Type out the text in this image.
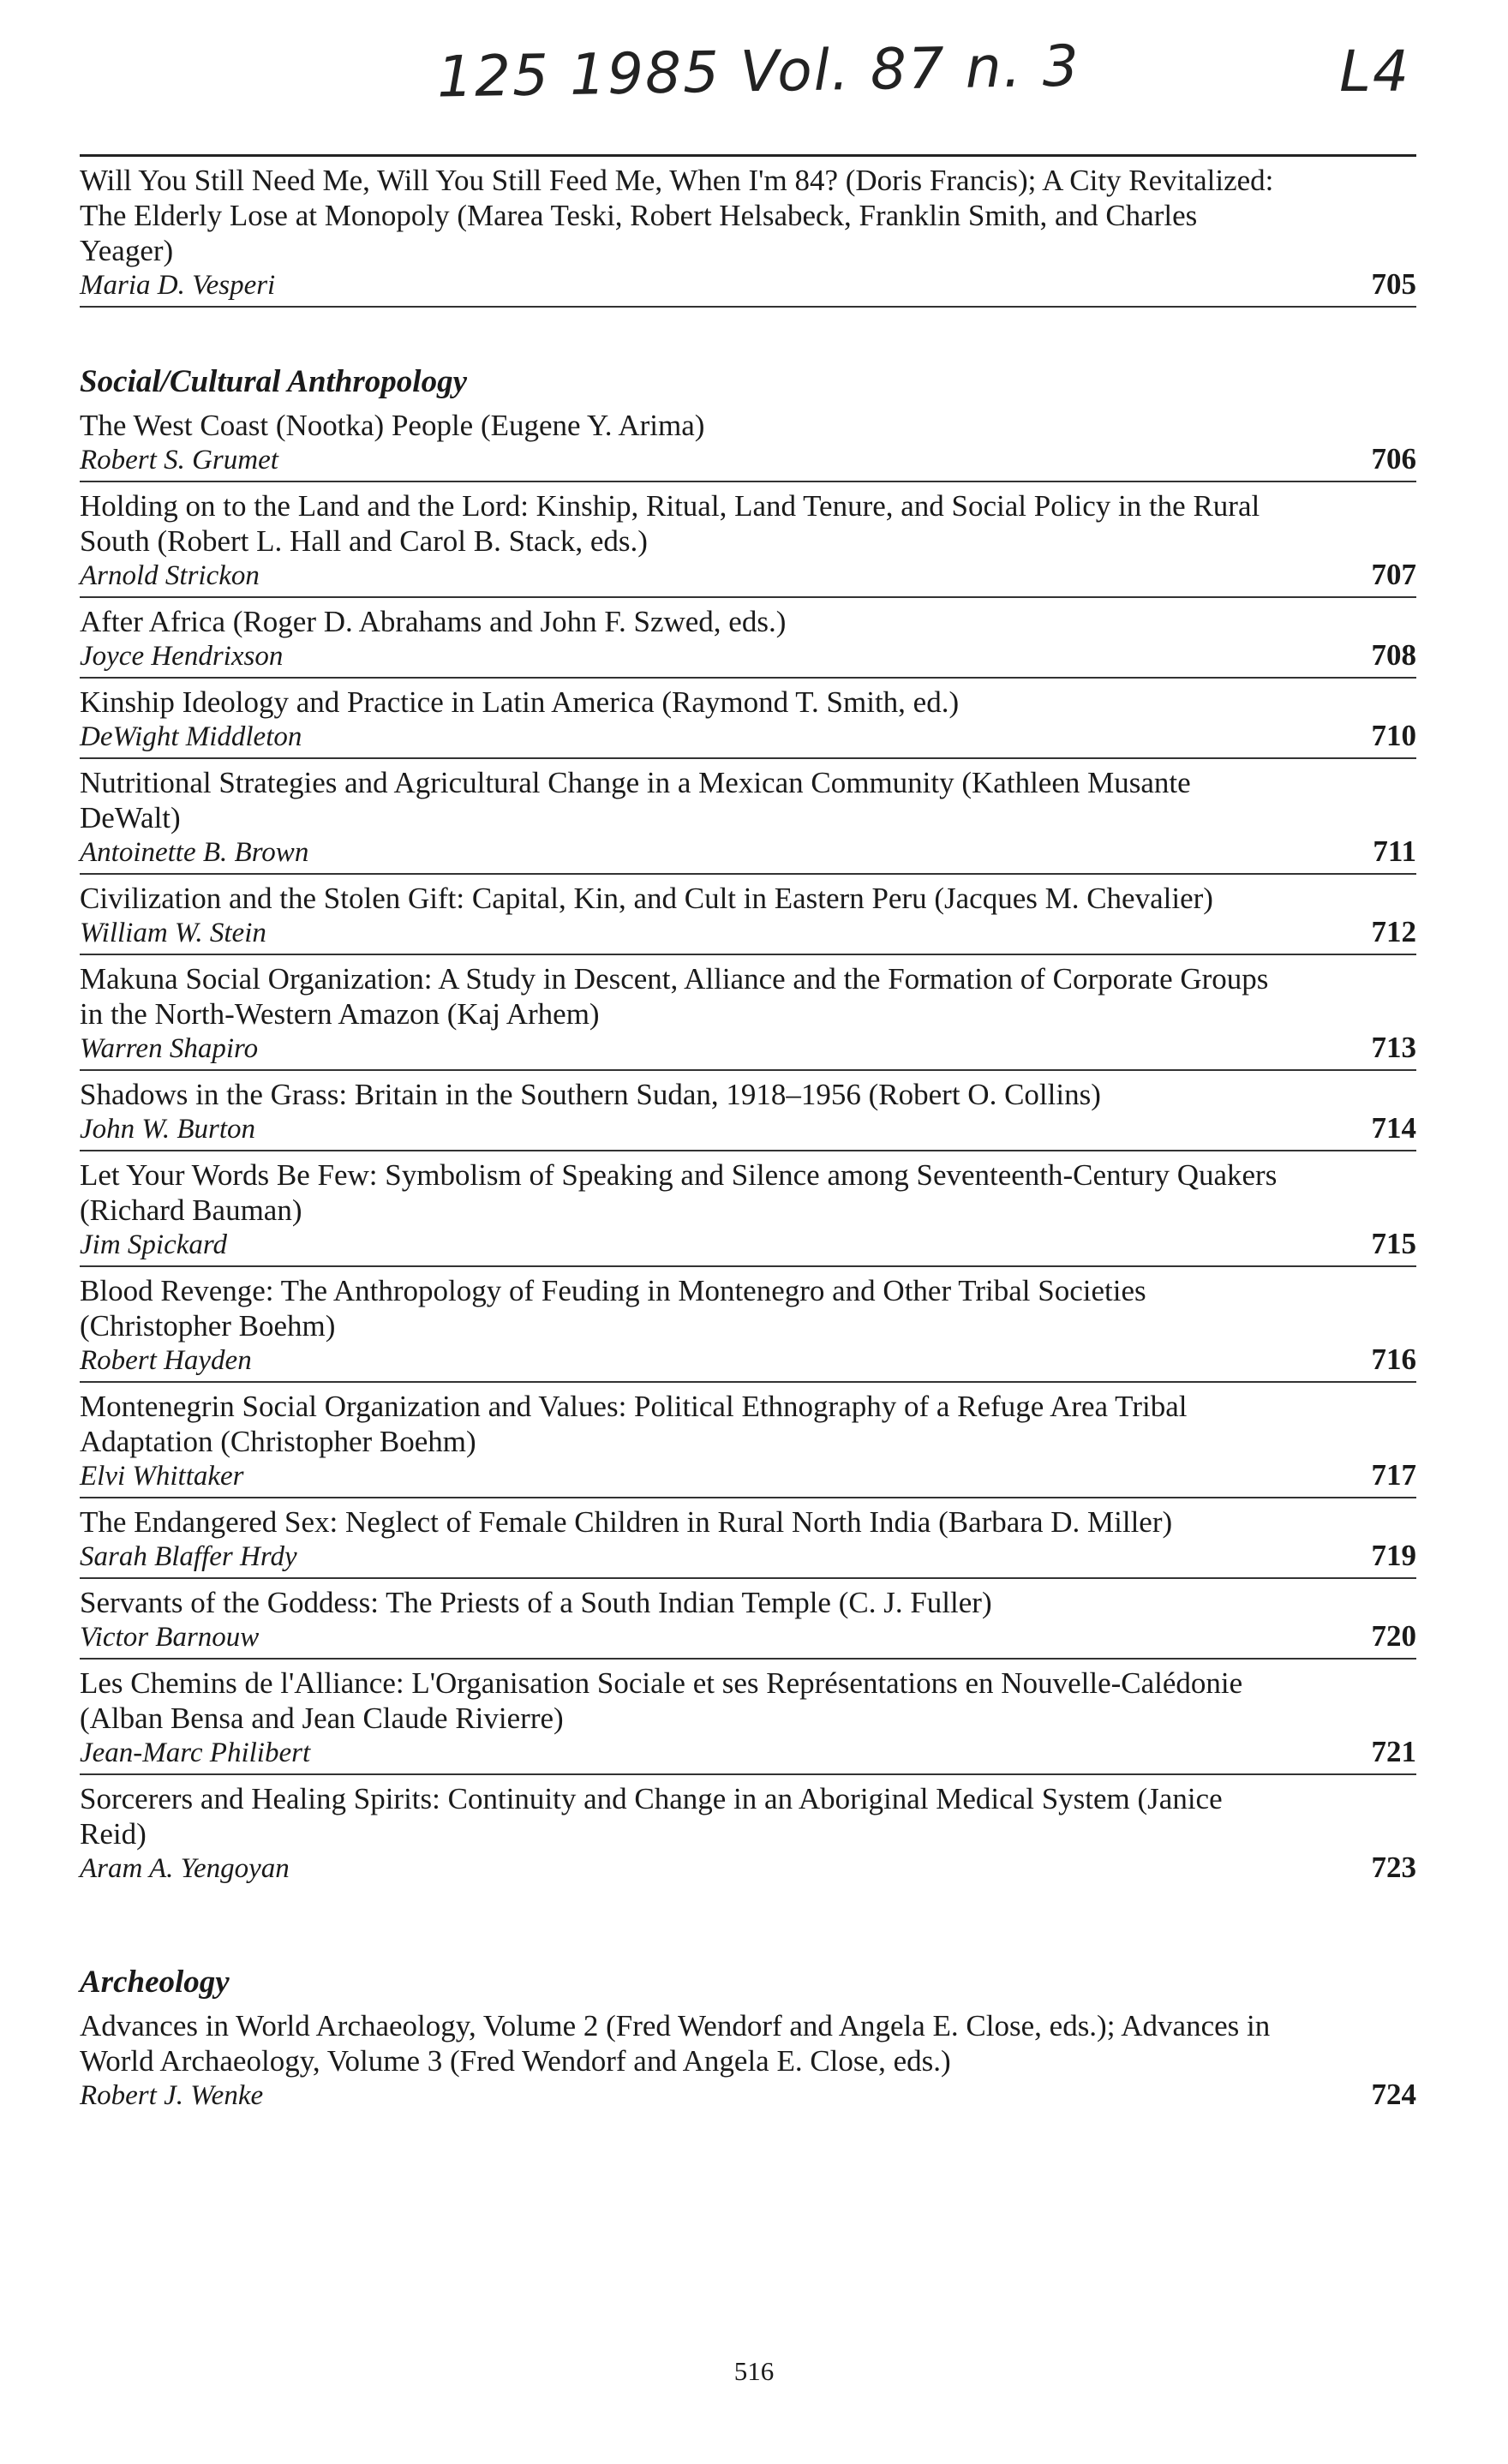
125 1985 Vol. 87 n. 3	L4
Will You Still Need Me, Will You Still Feed Me, When I'm 84? (Doris Francis); A City Revitalized: The Elderly Lose at Monopoly (Marea Teski, Robert Helsabeck, Franklin Smith, and Charles Yeager)
Maria D. Vesperi	705
Social/Cultural Anthropology
The West Coast (Nootka) People (Eugene Y. Arima)
Robert S. Grumet	706
Holding on to the Land and the Lord: Kinship, Ritual, Land Tenure, and Social Policy in the Rural South (Robert L. Hall and Carol B. Stack, eds.)
Arnold Strickon	707
After Africa (Roger D. Abrahams and John F. Szwed, eds.)
Joyce Hendrixson	708
Kinship Ideology and Practice in Latin America (Raymond T. Smith, ed.)
DeWight Middleton	710
Nutritional Strategies and Agricultural Change in a Mexican Community (Kathleen Musante DeWalt)
Antoinette B. Brown	711
Civilization and the Stolen Gift: Capital, Kin, and Cult in Eastern Peru (Jacques M. Chevalier)
William W. Stein	712
Makuna Social Organization: A Study in Descent, Alliance and the Formation of Corporate Groups in the North-Western Amazon (Kaj Arhem)
Warren Shapiro	713
Shadows in the Grass: Britain in the Southern Sudan, 1918–1956 (Robert O. Collins)
John W. Burton	714
Let Your Words Be Few: Symbolism of Speaking and Silence among Seventeenth-Century Quakers (Richard Bauman)
Jim Spickard	715
Blood Revenge: The Anthropology of Feuding in Montenegro and Other Tribal Societies (Christopher Boehm)
Robert Hayden	716
Montenegrin Social Organization and Values: Political Ethnography of a Refuge Area Tribal Adaptation (Christopher Boehm)
Elvi Whittaker	717
The Endangered Sex: Neglect of Female Children in Rural North India (Barbara D. Miller)
Sarah Blaffer Hrdy	719
Servants of the Goddess: The Priests of a South Indian Temple (C. J. Fuller)
Victor Barnouw	720
Les Chemins de l'Alliance: L'Organisation Sociale et ses Représentations en Nouvelle-Calédonie (Alban Bensa and Jean Claude Rivierre)
Jean-Marc Philibert	721
Sorcerers and Healing Spirits: Continuity and Change in an Aboriginal Medical System (Janice Reid)
Aram A. Yengoyan	723
Archeology
Advances in World Archaeology, Volume 2 (Fred Wendorf and Angela E. Close, eds.); Advances in World Archaeology, Volume 3 (Fred Wendorf and Angela E. Close, eds.)
Robert J. Wenke	724
516
